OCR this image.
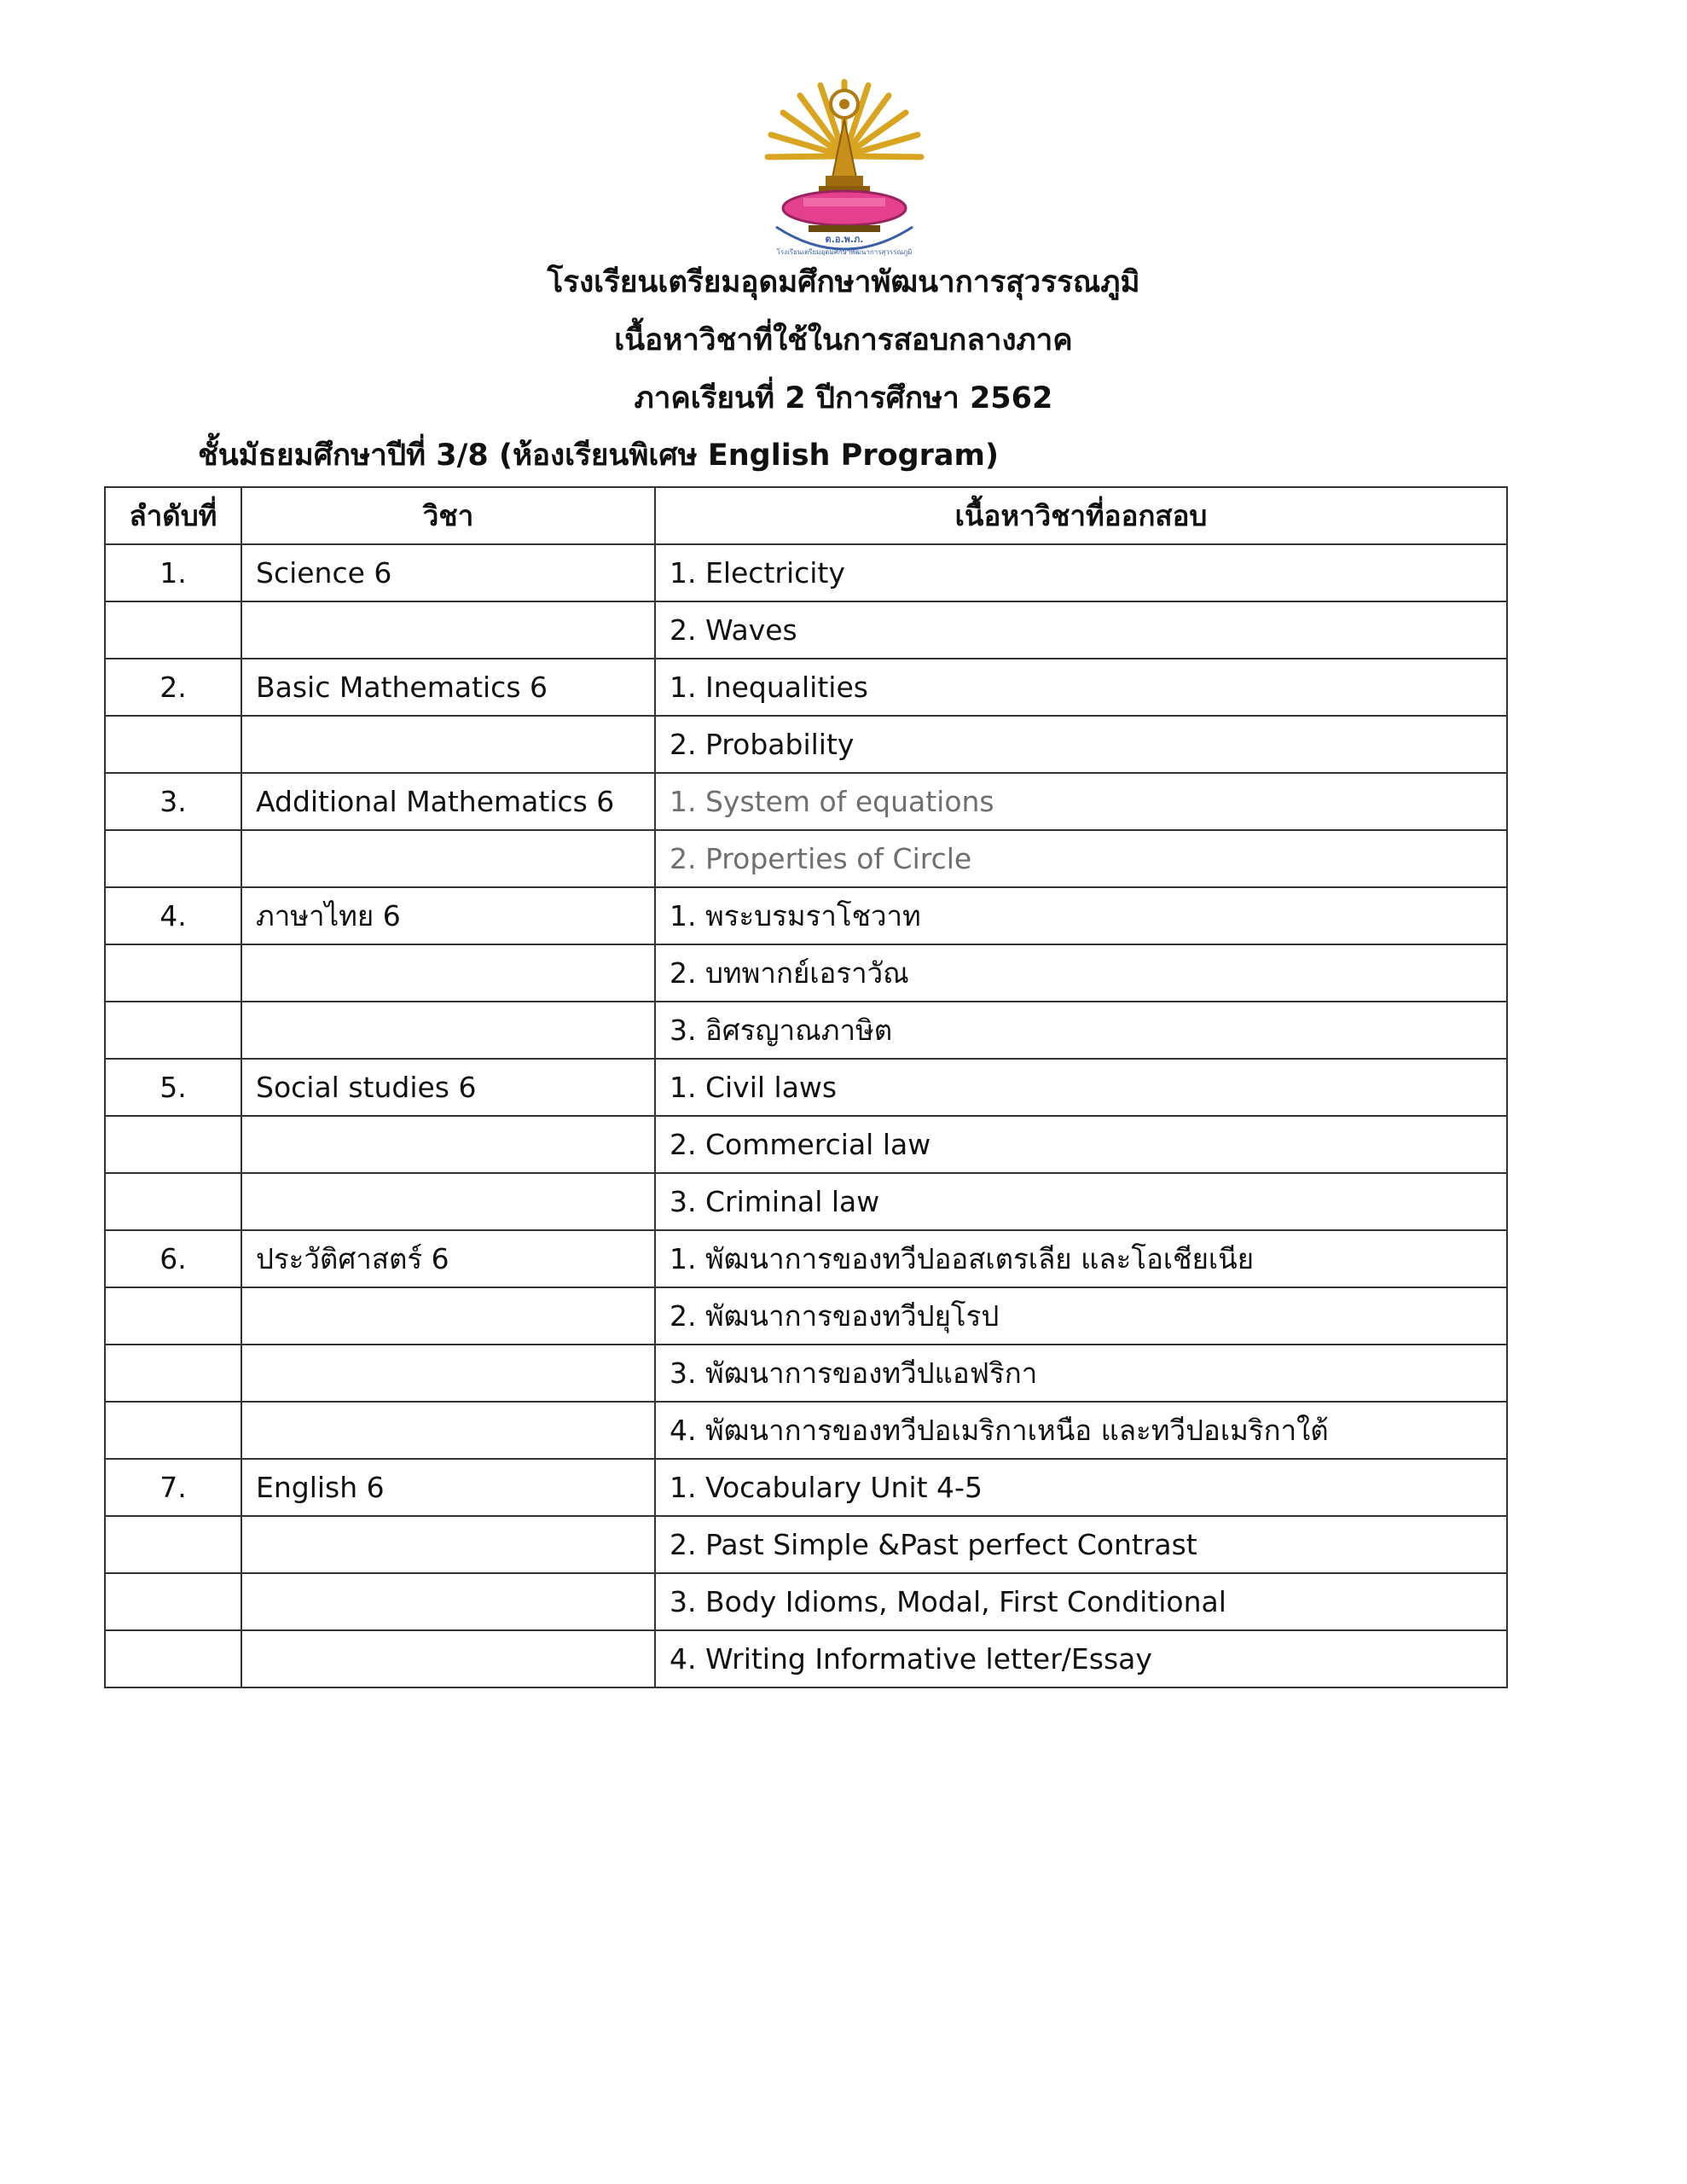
ต.อ.พ.ภ.
โรงเรียนเตรียมอุดมศึกษาพัฒนาการสุวรรณภูมิ
โรงเรียนเตรียมอุดมศึกษาพัฒนาการสุวรรณภูมิ
เนื้อหาวิชาที่ใช้ในการสอบกลางภาค
ภาคเรียนที่ 2 ปีการศึกษา 2562
ชั้นมัธยมศึกษาปีที่ 3/8 (ห้องเรียนพิเศษ English Program)
ลำดับที่	วิชา	เนื้อหาวิชาที่ออกสอบ
1.	Science 6	1. Electricity
		2. Waves
2.	Basic Mathematics 6	1. Inequalities
		2. Probability
3.	Additional Mathematics 6	1. System of equations
		2. Properties of Circle
4.	ภาษาไทย 6	1. พระบรมราโชวาท
		2. บทพากย์เอราวัณ
		3. อิศรญาณภาษิต
5.	Social studies 6	1. Civil laws
		2. Commercial law
		3. Criminal law
6.	ประวัติศาสตร์ 6	1. พัฒนาการของทวีปออสเตรเลีย และโอเชียเนีย
		2. พัฒนาการของทวีปยุโรป
		3. พัฒนาการของทวีปแอฟริกา
		4. พัฒนาการของทวีปอเมริกาเหนือ และทวีปอเมริกาใต้
7.	English 6	1. Vocabulary Unit 4-5
		2. Past Simple &Past perfect Contrast
		3. Body Idioms, Modal, First Conditional
		4. Writing Informative letter/Essay
